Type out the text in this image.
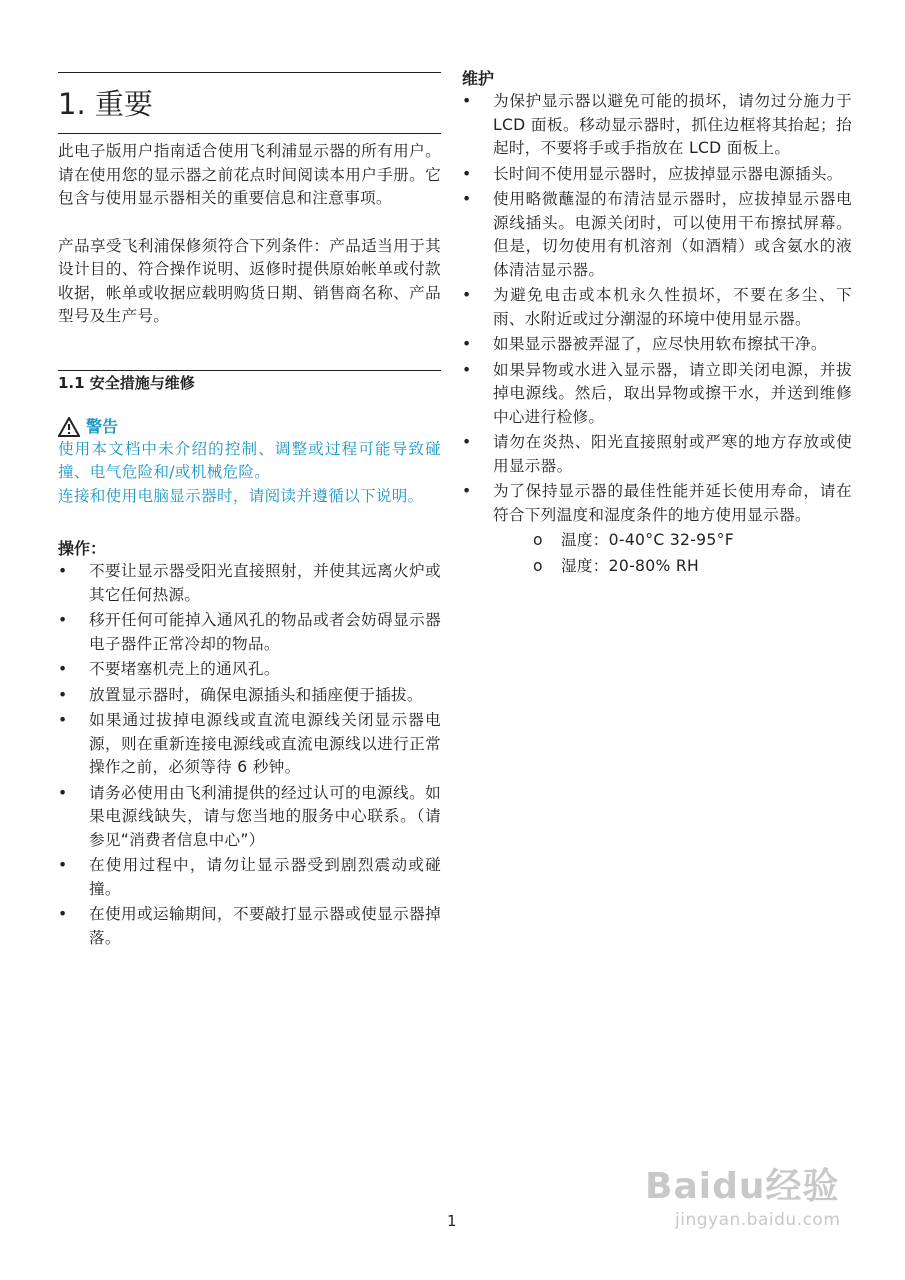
1. 重要

此电子版用户指南适合使用飞利浦显示器的所有用户。请在使用您的显示器之前花点时间阅读本用户手册。它包含与使用显示器相关的重要信息和注意事项。

产品享受飞利浦保修须符合下列条件：产品适当用于其设计目的、符合操作说明、返修时提供原始帐单或付款收据，帐单或收据应载明购货日期、销售商名称、产品型号及生产号。

1.1 安全措施与维修
警告

使用本文档中未介绍的控制、调整或过程可能导致碰撞、电气危险和/或机械危险。

连接和使用电脑显示器时，请阅读并遵循以下说明。

操作：
• 不要让显示器受阳光直接照射，并使其远离火炉或其它任何热源。
• 移开任何可能掉入通风孔的物品或者会妨碍显示器电子器件正常冷却的物品。
• 不要堵塞机壳上的通风孔。
• 放置显示器时，确保电源插头和插座便于插拔。
• 如果通过拔掉电源线或直流电源线关闭显示器电源，则在重新连接电源线或直流电源线以进行正常操作之前，必须等待 6 秒钟。
• 请务必使用由飞利浦提供的经过认可的电源线。如果电源线缺失，请与您当地的服务中心联系。（请参见“消费者信息中心”）
• 在使用过程中，请勿让显示器受到剧烈震动或碰撞。
• 在使用或运输期间，不要敲打显示器或使显示器掉落。
维护
• 为保护显示器以避免可能的损坏，请勿过分施力于 LCD 面板。移动显示器时，抓住边框将其抬起；抬起时，不要将手或手指放在 LCD 面板上。
• 长时间不使用显示器时，应拔掉显示器电源插头。
• 使用略微蘸湿的布清洁显示器时，应拔掉显示器电源线插头。电源关闭时，可以使用干布擦拭屏幕。但是，切勿使用有机溶剂（如酒精）或含氨水的液体清洁显示器。
• 为避免电击或本机永久性损坏，不要在多尘、下雨、水附近或过分潮湿的环境中使用显示器。
• 如果显示器被弄湿了，应尽快用软布擦拭干净。
• 如果异物或水进入显示器，请立即关闭电源，并拔掉电源线。然后，取出异物或擦干水，并送到维修中心进行检修。
• 请勿在炎热、阳光直接照射或严寒的地方存放或使用显示器。
• 为了保持显示器的最佳性能并延长使用寿命，请在符合下列温度和湿度条件的地方使用显示器。
o 温度：0-40°C 32-95°F
o 湿度：20-80% RH
1
Baidu经验
jingyan.baidu.com
